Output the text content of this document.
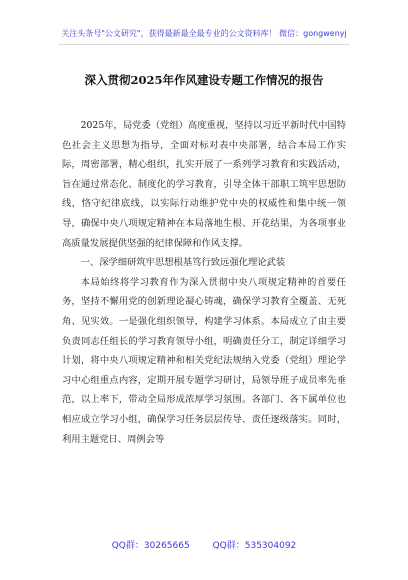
关注头条号"公文研究"，获得最新最全最专业的公文资料库！ 微信：gongwenyj
深入贯彻2025年作风建设专题工作情况的报告

2025年，局党委（党组）高度重视，坚持以习近平新时代中国特色社会主义思想为指导，全面对标对表中央部署，结合本局工作实际，周密部署，精心组织，扎实开展了一系列学习教育和实践活动，旨在通过常态化、制度化的学习教育，引导全体干部职工筑牢思想防线，恪守纪律底线，以实际行动维护党中央的权威性和集中统一领导，确保中央八项规定精神在本局落地生根、开花结果，为各项事业高质量发展提供坚强的纪律保障和作风支撑。

一、深学细研筑牢思想根基笃行致远强化理论武装

本局始终将学习教育作为深入贯彻中央八项规定精神的首要任务，坚持不懈用党的创新理论凝心铸魂，确保学习教育全覆盖、无死角、见实效。一是强化组织领导，构建学习体系。本局成立了由主要负责同志任组长的学习教育领导小组，明确责任分工，制定详细学习计划，将中央八项规定精神和相关党纪法规纳入党委（党组）理论学习中心组重点内容，定期开展专题学习研讨，局领导班子成员率先垂范，以上率下，带动全局形成浓厚学习氛围。各部门、各下属单位也相应成立学习小组，确保学习任务层层传导、责任逐级落实。同时，利用主题党日、周例会等

QQ群：30265665	QQ群：535304092
